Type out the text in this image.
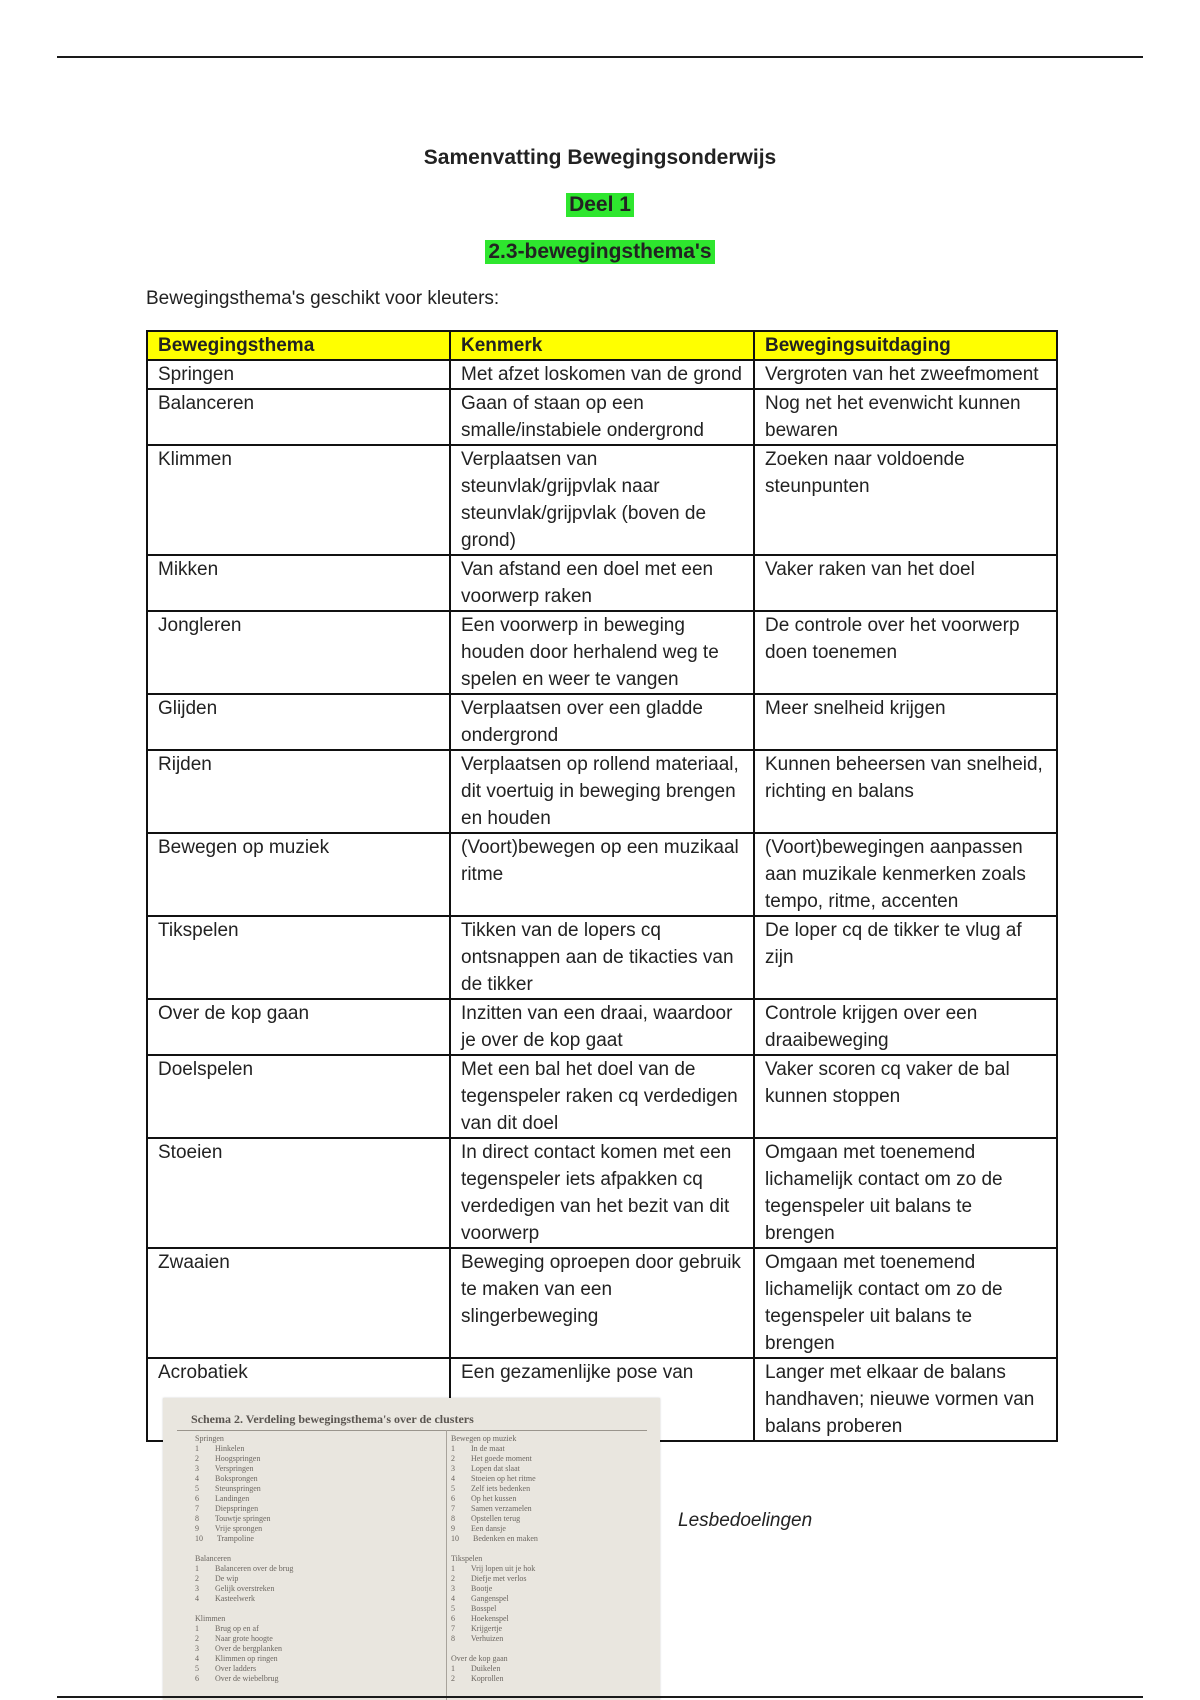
Samenvatting Bewegingsonderwijs
Deel 1
2.3-bewegingsthema's
Bewegingsthema's geschikt voor kleuters:
Bewegingsthema	Kenmerk	Bewegingsuitdaging
Springen	Met afzet loskomen van de grond	Vergroten van het zweefmoment
Balanceren	Gaan of staan op een smalle/instabiele ondergrond	Nog net het evenwicht kunnen bewaren
Klimmen	Verplaatsen van steunvlak/grijpvlak naar steunvlak/grijpvlak (boven de grond)	Zoeken naar voldoende steunpunten
Mikken	Van afstand een doel met een voorwerp raken	Vaker raken van het doel
Jongleren	Een voorwerp in beweging houden door herhalend weg te spelen en weer te vangen	De controle over het voorwerp doen toenemen
Glijden	Verplaatsen over een gladde ondergrond	Meer snelheid krijgen
Rijden	Verplaatsen op rollend materiaal, dit voertuig in beweging brengen en houden	Kunnen beheersen van snelheid, richting en balans
Bewegen op muziek	(Voort)bewegen op een muzikaal ritme	(Voort)bewegingen aanpassen aan muzikale kenmerken zoals tempo, ritme, accenten
Tikspelen	Tikken van de lopers cq ontsnappen aan de tikacties van de tikker	De loper cq de tikker te vlug af zijn
Over de kop gaan	Inzitten van een draai, waardoor je over de kop gaat	Controle krijgen over een draaibeweging
Doelspelen	Met een bal het doel van de tegenspeler raken cq verdedigen van dit doel	Vaker scoren cq vaker de bal kunnen stoppen
Stoeien	In direct contact komen met een tegenspeler iets afpakken cq verdedigen van het bezit van dit voorwerp	Omgaan met toenemend lichamelijk contact om zo de tegenspeler uit balans te brengen
Zwaaien	Beweging oproepen door gebruik te maken van een slingerbeweging	Omgaan met toenemend lichamelijk contact om zo de tegenspeler uit balans te brengen
Acrobatiek	Een gezamenlijke pose van	Langer met elkaar de balans handhaven; nieuwe vormen van balans proberen
Schema 2. Verdeling bewegingsthema's over de clusters
Springen
1        Hinkelen
2        Hoogspringen
3        Verspringen
4        Boksprongen
5        Steunspringen
6        Landingen
7        Diepspringen
8        Touwtje springen
9        Vrije sprongen
10       Trampoline

Balanceren
1        Balanceren over de brug
2        De wip
3        Gelijk overstreken
4        Kasteelwerk

Klimmen
1        Brug op en af
2        Naar grote hoogte
3        Over de bergplanken
4        Klimmen op ringen
5        Over ladders
6        Over de wiebelbrug
Bewegen op muziek
1        In de maat
2        Het goede moment
3        Lopen dat slaat
4        Stoeien op het ritme
5        Zelf iets bedenken
6        Op het kussen
7        Samen verzamelen
8        Opstellen terug
9        Een dansje
10       Bedenken en maken

Tikspelen
1        Vrij lopen uit je hok
2        Diefje met verlos
3        Bootje
4        Gangenspel
5        Bosspel
6        Hoekenspel
7        Krijgertje
8        Verhuizen

Over de kop gaan
1        Duikelen
2        Koprollen
Lesbedoelingen
